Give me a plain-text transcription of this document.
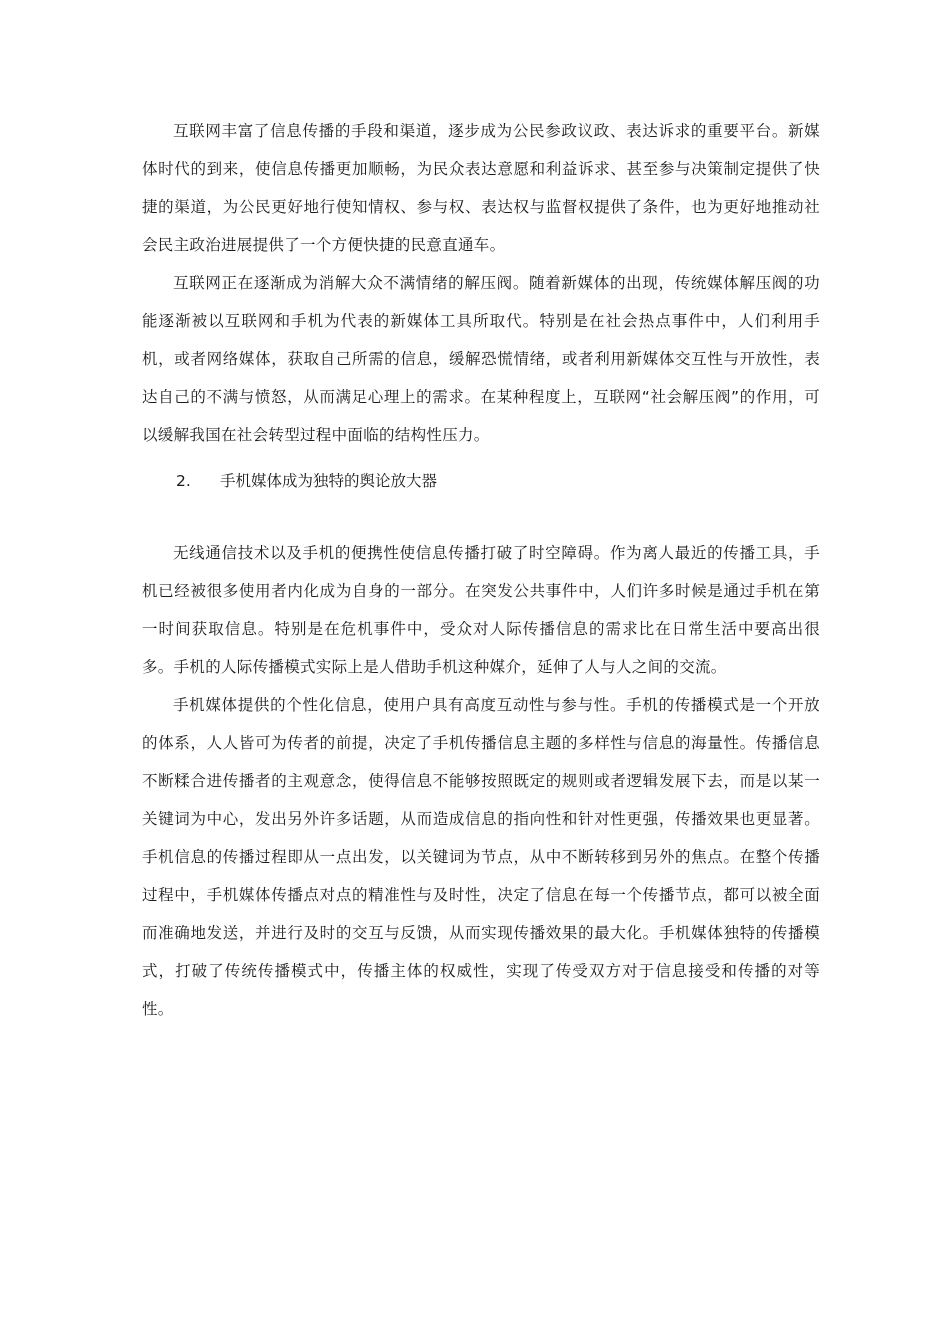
互联网丰富了信息传播的手段和渠道，逐步成为公民参政议政、表达诉求的重要平台。新媒体时代的到来，使信息传播更加顺畅，为民众表达意愿和利益诉求、甚至参与决策制定提供了快捷的渠道，为公民更好地行使知情权、参与权、表达权与监督权提供了条件，也为更好地推动社会民主政治进展提供了一个方便快捷的民意直通车。

互联网正在逐渐成为消解大众不满情绪的解压阀。随着新媒体的出现，传统媒体解压阀的功能逐渐被以互联网和手机为代表的新媒体工具所取代。特别是在社会热点事件中，人们利用手机，或者网络媒体，获取自己所需的信息，缓解恐慌情绪，或者利用新媒体交互性与开放性，表达自己的不满与愤怒，从而满足心理上的需求。在某种程度上，互联网“社会解压阀”的作用，可以缓解我国在社会转型过程中面临的结构性压力。

2.	手机媒体成为独特的舆论放大器

无线通信技术以及手机的便携性使信息传播打破了时空障碍。作为离人最近的传播工具，手机已经被很多使用者内化成为自身的一部分。在突发公共事件中，人们许多时候是通过手机在第一时间获取信息。特别是在危机事件中，受众对人际传播信息的需求比在日常生活中要高出很多。手机的人际传播模式实际上是人借助手机这种媒介，延伸了人与人之间的交流。

手机媒体提供的个性化信息，使用户具有高度互动性与参与性。手机的传播模式是一个开放的体系，人人皆可为传者的前提，决定了手机传播信息主题的多样性与信息的海量性。传播信息不断糅合进传播者的主观意念，使得信息不能够按照既定的规则或者逻辑发展下去，而是以某一关键词为中心，发出另外许多话题，从而造成信息的指向性和针对性更强，传播效果也更显著。手机信息的传播过程即从一点出发，以关键词为节点，从中不断转移到另外的焦点。在整个传播过程中，手机媒体传播点对点的精准性与及时性，决定了信息在每一个传播节点，都可以被全面而准确地发送，并进行及时的交互与反馈，从而实现传播效果的最大化。手机媒体独特的传播模式，打破了传统传播模式中，传播主体的权威性，实现了传受双方对于信息接受和传播的对等性。
